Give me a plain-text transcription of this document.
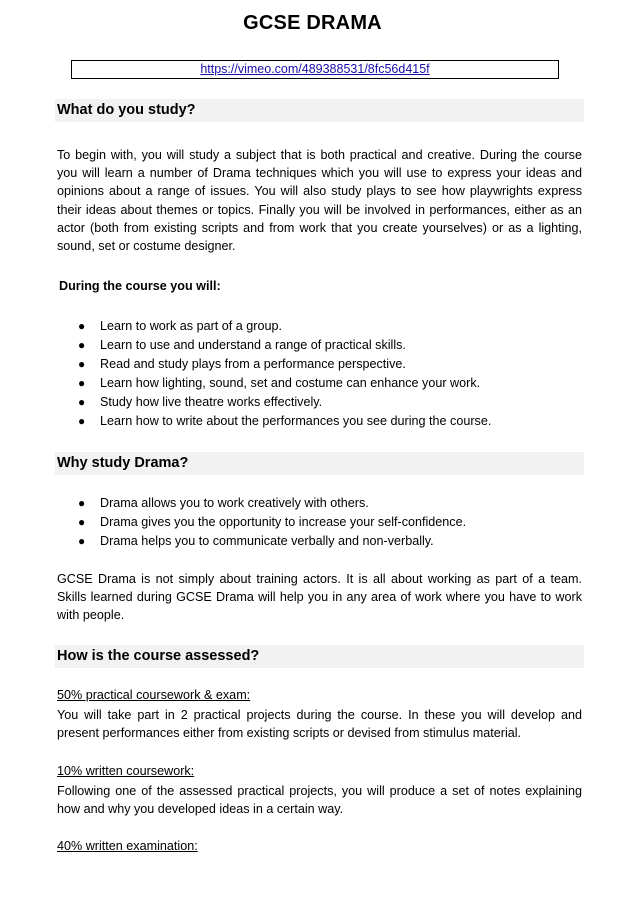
GCSE DRAMA
https://vimeo.com/489388531/8fc56d415f
What do you study?
To begin with, you will study a subject that is both practical and creative. During the course you will learn a number of Drama techniques which you will use to express your ideas and opinions about a range of issues. You will also study plays to see how playwrights express their ideas about themes or topics. Finally you will be involved in performances, either as an actor (both from existing scripts and from work that you create yourselves) or as a lighting, sound, set or costume designer.
During the course you will:
● Learn to work as part of a group.
● Learn to use and understand a range of practical skills.
● Read and study plays from a performance perspective.
● Learn how lighting, sound, set and costume can enhance your work.
● Study how live theatre works effectively.
● Learn how to write about the performances you see during the course.
Why study Drama?
● Drama allows you to work creatively with others.
● Drama gives you the opportunity to increase your self-confidence.
● Drama helps you to communicate verbally and non-verbally.
GCSE Drama is not simply about training actors. It is all about working as part of a team. Skills learned during GCSE Drama will help you in any area of work where you have to work with people.
How is the course assessed?
50% practical coursework & exam:
You will take part in 2 practical projects during the course. In these you will develop and present performances either from existing scripts or devised from stimulus material.
10% written coursework:
Following one of the assessed practical projects, you will produce a set of notes explaining how and why you developed ideas in a certain way.
40% written examination:
